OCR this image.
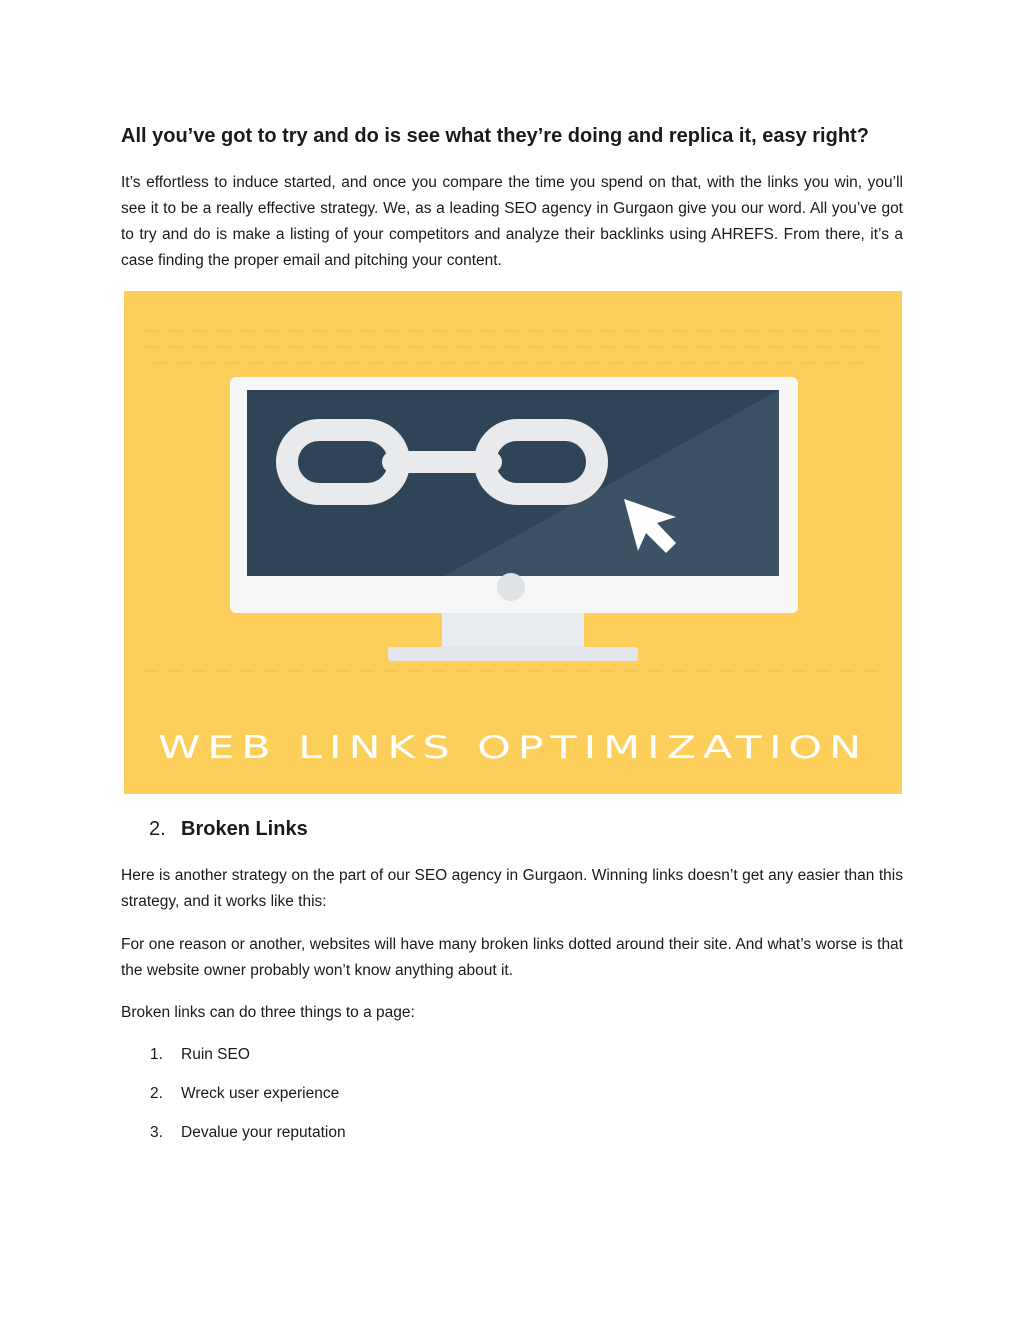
All you’ve got to try and do is see what they’re doing and replica it, easy right?

It’s effortless to induce started, and once you compare the time you spend on that, with the links you win, you’ll see it to be a really effective strategy. We, as a leading SEO agency in Gurgaon give you our word. All you’ve got to try and do is make a listing of your competitors and analyze their backlinks using AHREFS. From there, it’s a case finding the proper email and pitching your content.

WEB LINKS OPTIMIZATION
2. Broken Links

Here is another strategy on the part of our SEO agency in Gurgaon. Winning links doesn’t get any easier than this strategy, and it works like this:

For one reason or another, websites will have many broken links dotted around their site. And what’s worse is that the website owner probably won’t know anything about it.

Broken links can do three things to a page:

1. Ruin SEO
2. Wreck user experience
3. Devalue your reputation
